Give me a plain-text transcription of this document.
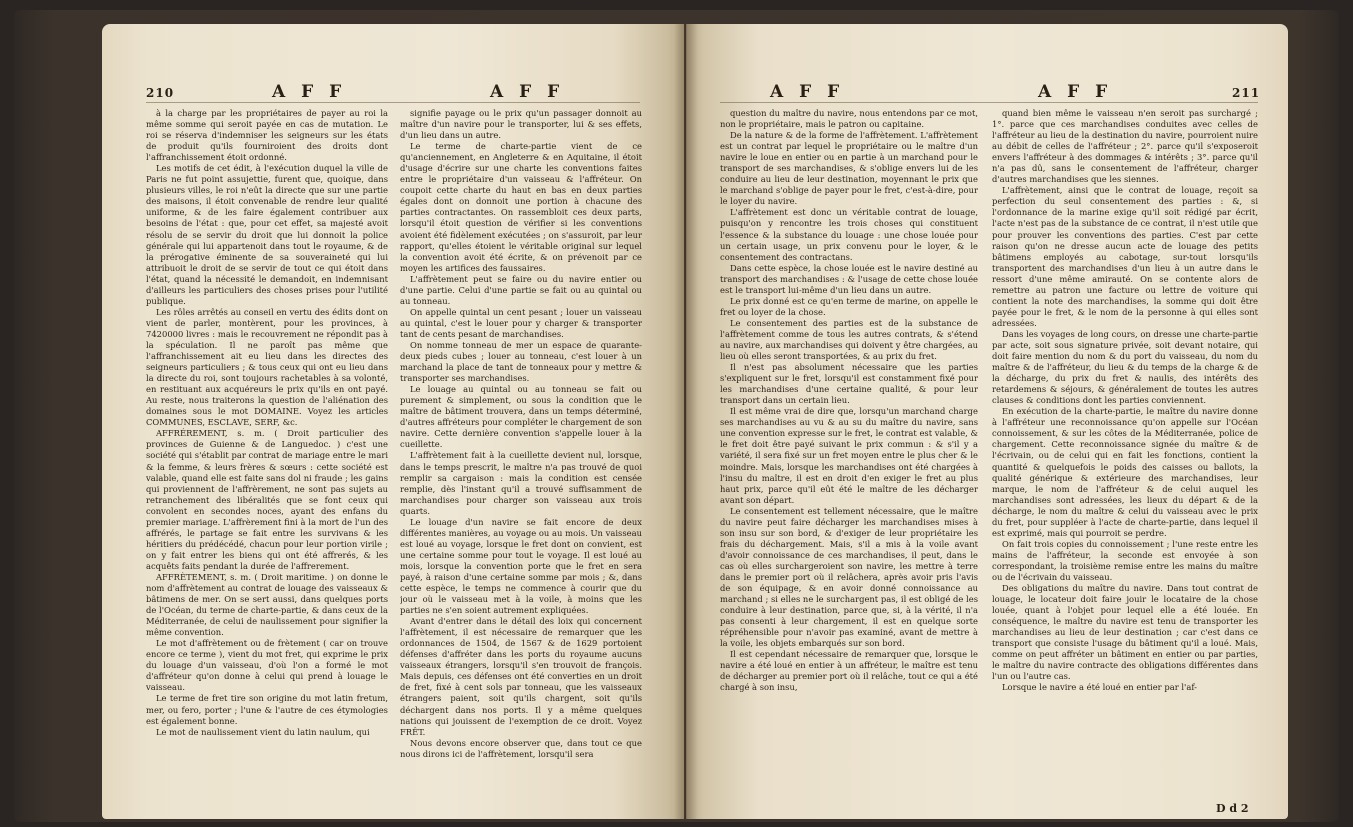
210	A F F	A F F

à la charge par les propriétaires de payer au roi la même somme qui seroit payée en cas de mutation. Le roi se réserva d'indemniser les seigneurs sur les états de produit qu'ils fourniroient des droits dont l'affranchissement étoit ordonné.

Les motifs de cet édit, à l'exécution duquel la ville de Paris ne fut point assujettie, furent que, quoique, dans plusieurs villes, le roi n'eût la directe que sur une partie des maisons, il étoit convenable de rendre leur qualité uniforme, & de les faire également contribuer aux besoins de l'état : que, pour cet effet, sa majesté avoit résolu de se servir du droit que lui donnoit la police générale qui lui appartenoit dans tout le royaume, & de la prérogative éminente de sa souveraineté qui lui attribuoit le droit de se servir de tout ce qui étoit dans l'état, quand la nécessité le demandoit, en indemnisant d'ailleurs les particuliers des choses prises pour l'utilité publique.

Les rôles arrêtés au conseil en vertu des édits dont on vient de parler, montèrent, pour les provinces, à 7420000 livres : mais le recouvrement ne répondit pas à la spéculation. Il ne paroît pas même que l'affranchissement ait eu lieu dans les directes des seigneurs particuliers ; & tous ceux qui ont eu lieu dans la directe du roi, sont toujours rachetables à sa volonté, en restituant aux acquéreurs le prix qu'ils en ont payé. Au reste, nous traiterons la question de l'aliénation des domaines sous le mot DOMAINE. Voyez les articles COMMUNES, ESCLAVE, SERF, &c.

AFFRÉREMENT, s. m. ( Droit particulier des provinces de Guienne & de Languedoc. ) c'est une société qui s'établit par contrat de mariage entre le mari & la femme, & leurs frères & sœurs : cette société est valable, quand elle est faite sans dol ni fraude ; les gains qui proviennent de l'affrèrement, ne sont pas sujets au retranchement des libéralités que se font ceux qui convolent en secondes noces, ayant des enfans du premier mariage. L'affrèrement fini à la mort de l'un des affrérés, le partage se fait entre les survivans & les héritiers du prédécédé, chacun pour leur portion virile ; on y fait entrer les biens qui ont été affrerés, & les acquêts faits pendant la durée de l'affrerement.

AFFRÈTEMENT, s. m. ( Droit maritime. ) on donne le nom d'affrètement au contrat de louage des vaisseaux & bâtimens de mer. On se sert aussi, dans quelques ports de l'Océan, du terme de charte-partie, & dans ceux de la Méditerranée, de celui de naulissement pour signifier la même convention.

Le mot d'affrètement ou de frètement ( car on trouve encore ce terme ), vient du mot fret, qui exprime le prix du louage d'un vaisseau, d'où l'on a formé le mot d'affréteur qu'on donne à celui qui prend à louage le vaisseau.

Le terme de fret tire son origine du mot latin fretum, mer, ou fero, porter ; l'une & l'autre de ces étymologies est également bonne.

Le mot de naulissement vient du latin naulum, qui

signifie payage ou le prix qu'un passager donnoit au maître d'un navire pour le transporter, lui & ses effets, d'un lieu dans un autre.

Le terme de charte-partie vient de ce qu'anciennement, en Angleterre & en Aquitaine, il étoit d'usage d'écrire sur une charte les conventions faites entre le propriétaire d'un vaisseau & l'affréteur. On coupoit cette charte du haut en bas en deux parties égales dont on donnoit une portion à chacune des parties contractantes. On rassembloit ces deux parts, lorsqu'il étoit question de vérifier si les conventions avoient été fidèlement exécutées ; on s'assuroit, par leur rapport, qu'elles étoient le véritable original sur lequel la convention avoit été écrite, & on prévenoit par ce moyen les artifices des faussaires.

L'affrètement peut se faire ou du navire entier ou d'une partie. Celui d'une partie se fait ou au quintal ou au tonneau.

On appelle quintal un cent pesant ; louer un vaisseau au quintal, c'est le louer pour y charger & transporter tant de cents pesant de marchandises.

On nomme tonneau de mer un espace de quarante-deux pieds cubes ; louer au tonneau, c'est louer à un marchand la place de tant de tonneaux pour y mettre & transporter ses marchandises.

Le louage au quintal ou au tonneau se fait ou purement & simplement, ou sous la condition que le maître de bâtiment trouvera, dans un temps déterminé, d'autres affréteurs pour compléter le chargement de son navire. Cette dernière convention s'appelle louer à la cueillette.

L'affrètement fait à la cueillette devient nul, lorsque, dans le temps prescrit, le maître n'a pas trouvé de quoi remplir sa cargaison : mais la condition est censée remplie, dès l'instant qu'il a trouvé suffisamment de marchandises pour charger son vaisseau aux trois quarts.

Le louage d'un navire se fait encore de deux différentes manières, au voyage ou au mois. Un vaisseau est loué au voyage, lorsque le fret dont on convient, est une certaine somme pour tout le voyage. Il est loué au mois, lorsque la convention porte que le fret en sera payé, à raison d'une certaine somme par mois ; &, dans cette espèce, le temps ne commence à courir que du jour où le vaisseau met à la voile, à moins que les parties ne s'en soient autrement expliquées.

Avant d'entrer dans le détail des loix qui concernent l'affrètement, il est nécessaire de remarquer que les ordonnances de 1504, de 1567 & de 1629 portoient défenses d'affréter dans les ports du royaume aucuns vaisseaux étrangers, lorsqu'il s'en trouvoit de françois. Mais depuis, ces défenses ont été converties en un droit de fret, fixé à cent sols par tonneau, que les vaisseaux étrangers paient, soit qu'ils chargent, soit qu'ils déchargent dans nos ports. Il y a même quelques nations qui jouissent de l'exemption de ce droit. Voyez FRÊT.

Nous devons encore observer que, dans tout ce que nous dirons ici de l'affrètement, lorsqu'il sera

A F F	A F F	211

question du maître du navire, nous entendons par ce mot, non le propriétaire, mais le patron ou capitaine.

De la nature & de la forme de l'affrètement. L'affrètement est un contrat par lequel le propriétaire ou le maître d'un navire le loue en entier ou en partie à un marchand pour le transport de ses marchandises, & s'oblige envers lui de les conduire au lieu de leur destination, moyennant le prix que le marchand s'oblige de payer pour le fret, c'est-à-dire, pour le loyer du navire.

L'affrètement est donc un véritable contrat de louage, puisqu'on y rencontre les trois choses qui constituent l'essence & la substance du louage : une chose louée pour un certain usage, un prix convenu pour le loyer, & le consentement des contractans.

Dans cette espèce, la chose louée est le navire destiné au transport des marchandises : & l'usage de cette chose louée est le transport lui-même d'un lieu dans un autre.

Le prix donné est ce qu'en terme de marine, on appelle le fret ou loyer de la chose.

Le consentement des parties est de la substance de l'affrètement comme de tous les autres contrats, & s'étend au navire, aux marchandises qui doivent y être chargées, au lieu où elles seront transportées, & au prix du fret.

Il n'est pas absolument nécessaire que les parties s'expliquent sur le fret, lorsqu'il est constamment fixé pour les marchandises d'une certaine qualité, & pour leur transport dans un certain lieu.

Il est même vrai de dire que, lorsqu'un marchand charge ses marchandises au vu & au su du maître du navire, sans une convention expresse sur le fret, le contrat est valable, & le fret doit être payé suivant le prix commun : & s'il y a variété, il sera fixé sur un fret moyen entre le plus cher & le moindre. Mais, lorsque les marchandises ont été chargées à l'insu du maître, il est en droit d'en exiger le fret au plus haut prix, parce qu'il eût été le maître de les décharger avant son départ.

Le consentement est tellement nécessaire, que le maître du navire peut faire décharger les marchandises mises à son insu sur son bord, & d'exiger de leur propriétaire les frais du déchargement. Mais, s'il a mis à la voile avant d'avoir connoissance de ces marchandises, il peut, dans le cas où elles surchargeroient son navire, les mettre à terre dans le premier port où il relâchera, après avoir pris l'avis de son équipage, & en avoir donné connoissance au marchand ; si elles ne le surchargent pas, il est obligé de les conduire à leur destination, parce que, si, à la vérité, il n'a pas consenti à leur chargement, il est en quelque sorte répréhensible pour n'avoir pas examiné, avant de mettre à la voile, les objets embarqués sur son bord.

Il est cependant nécessaire de remarquer que, lorsque le navire a été loué en entier à un affréteur, le maître est tenu de décharger au premier port où il relâche, tout ce qui a été chargé à son insu,

quand bien même le vaisseau n'en seroit pas surchargé ; 1°. parce que ces marchandises conduites avec celles de l'affréteur au lieu de la destination du navire, pourroient nuire au débit de celles de l'affréteur ; 2°. parce qu'il s'exposeroit envers l'affréteur à des dommages & intérêts ; 3°. parce qu'il n'a pas dû, sans le consentement de l'affréteur, charger d'autres marchandises que les siennes.

L'affrètement, ainsi que le contrat de louage, reçoit sa perfection du seul consentement des parties : &, si l'ordonnance de la marine exige qu'il soit rédigé par écrit, l'acte n'est pas de la substance de ce contrat, il n'est utile que pour prouver les conventions des parties. C'est par cette raison qu'on ne dresse aucun acte de louage des petits bâtimens employés au cabotage, sur-tout lorsqu'ils transportent des marchandises d'un lieu à un autre dans le ressort d'une même amirauté. On se contente alors de remettre au patron une facture ou lettre de voiture qui contient la note des marchandises, la somme qui doit être payée pour le fret, & le nom de la personne à qui elles sont adressées.

Dans les voyages de long cours, on dresse une charte-partie par acte, soit sous signature privée, soit devant notaire, qui doit faire mention du nom & du port du vaisseau, du nom du maître & de l'affréteur, du lieu & du temps de la charge & de la décharge, du prix du fret & naulis, des intérêts des retardemens & séjours, & généralement de toutes les autres clauses & conditions dont les parties conviennent.

En exécution de la charte-partie, le maître du navire donne à l'affréteur une reconnoissance qu'on appelle sur l'Océan connoissement, & sur les côtes de la Méditerranée, police de chargement. Cette reconnoissance signée du maître & de l'écrivain, ou de celui qui en fait les fonctions, contient la quantité & quelquefois le poids des caisses ou ballots, la qualité générique & extérieure des marchandises, leur marque, le nom de l'affréteur & de celui auquel les marchandises sont adressées, les lieux du départ & de la décharge, le nom du maître & celui du vaisseau avec le prix du fret, pour suppléer à l'acte de charte-partie, dans lequel il est exprimé, mais qui pourroit se perdre.

On fait trois copies du connoissement ; l'une reste entre les mains de l'affréteur, la seconde est envoyée à son correspondant, la troisième remise entre les mains du maître ou de l'écrivain du vaisseau.

Des obligations du maître du navire. Dans tout contrat de louage, le locateur doit faire jouir le locataire de la chose louée, quant à l'objet pour lequel elle a été louée. En conséquence, le maître du navire est tenu de transporter les marchandises au lieu de leur destination ; car c'est dans ce transport que consiste l'usage du bâtiment qu'il a loué. Mais, comme on peut affréter un bâtiment en entier ou par parties, le maître du navire contracte des obligations différentes dans l'un ou l'autre cas.

Lorsque le navire a été loué en entier par l'af-

D d 2
